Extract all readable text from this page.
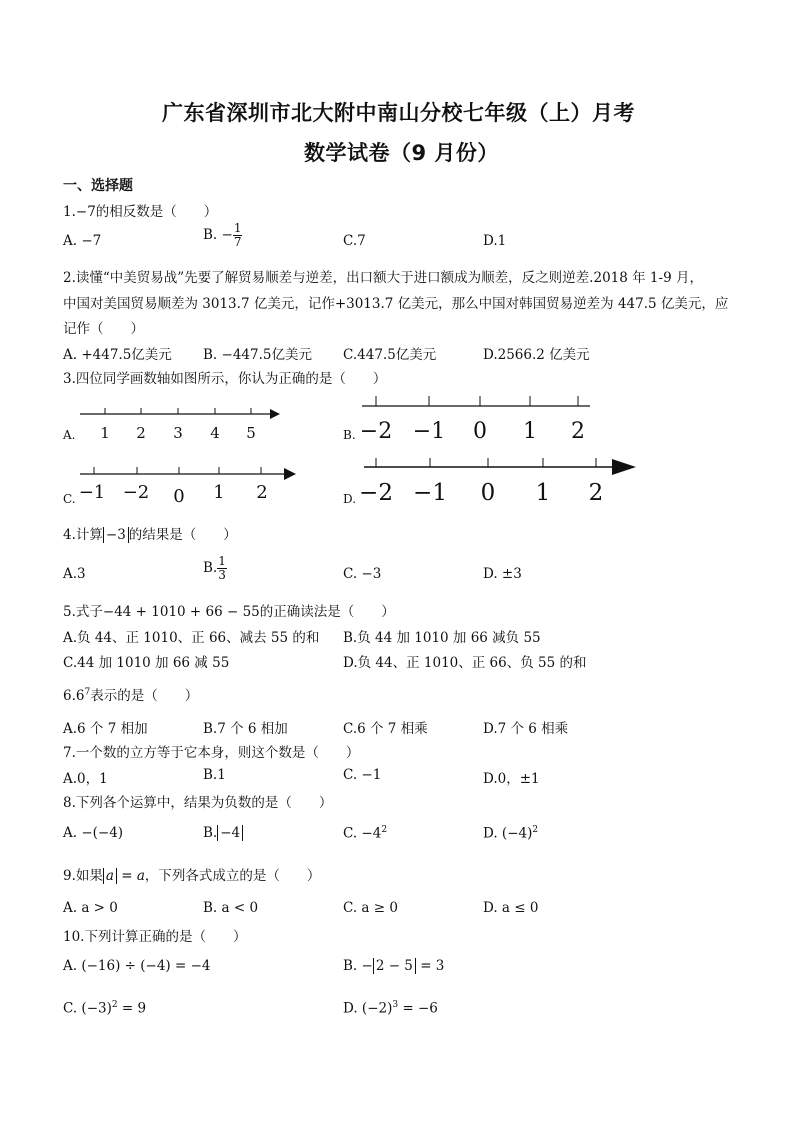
广东省深圳市北大附中南山分校七年级（上）月考
数学试卷（9 月份）
一、选择题
1.−7的相反数是（　　）
A. −7	B. − $\frac{1}{7}$	C.7	D.1
2.读懂“中美贸易战”先要了解贸易顺差与逆差，出口额大于进口额成为顺差，反之则逆差.2018 年 1-9 月，
中国对美国贸易顺差为 3013.7 亿美元，记作+3013.7 亿美元，那么中国对韩国贸易逆差为 447.5 亿美元，应
记作（　　）
A. +447.5亿美元 B. −447.5亿美元 C.447.5亿美元	D.2566.2 亿美元
3.四位同学画数轴如图所示，你认为正确的是（　　）
A. 1 2 3 4 5	B. −2 −1 0 1 2
C. −1 −2 0 1 2	D. −2 −1 0 1 2
4.计算 −3 的结果是（　　）
A.3	B. $\frac{1}{3}$	C. −3	D. ±3
5.式子−44 + 1010 + 66 − 55的正确读法是（　　）
A.负 44、正 1010、正 66、减去 55 的和 B.负 44 加 1010 加 66 减负 55
C.44 加 1010 加 66 减 55	D.负 44、正 1010、正 66、负 55 的和
$6.6^7$表示的是（　　）
A.6 个 7 相加	B.7 个 6 相加	C.6 个 7 相乘	D.7 个 6 相乘
7.一个数的立方等于它本身，则这个数是（　　）
A.0，1	B.1	C. −1	D.0，±1
8.下列各个运算中，结果为负数的是（　　）
A. −(−4)	B. −4	C. $-4^2$	D. $(-4)^2$
9.如果 a = a，下列各式成立的是（　　）
A. a > 0	B. a < 0	C. a ≥ 0	D. a ≤ 0
10.下列计算正确的是（　　）
A. (−16) ÷ (−4) = −4	B. − 2 − 5 = 3
C. $(-3)^2 = 9$	D. $(-2)^3 = -6$
